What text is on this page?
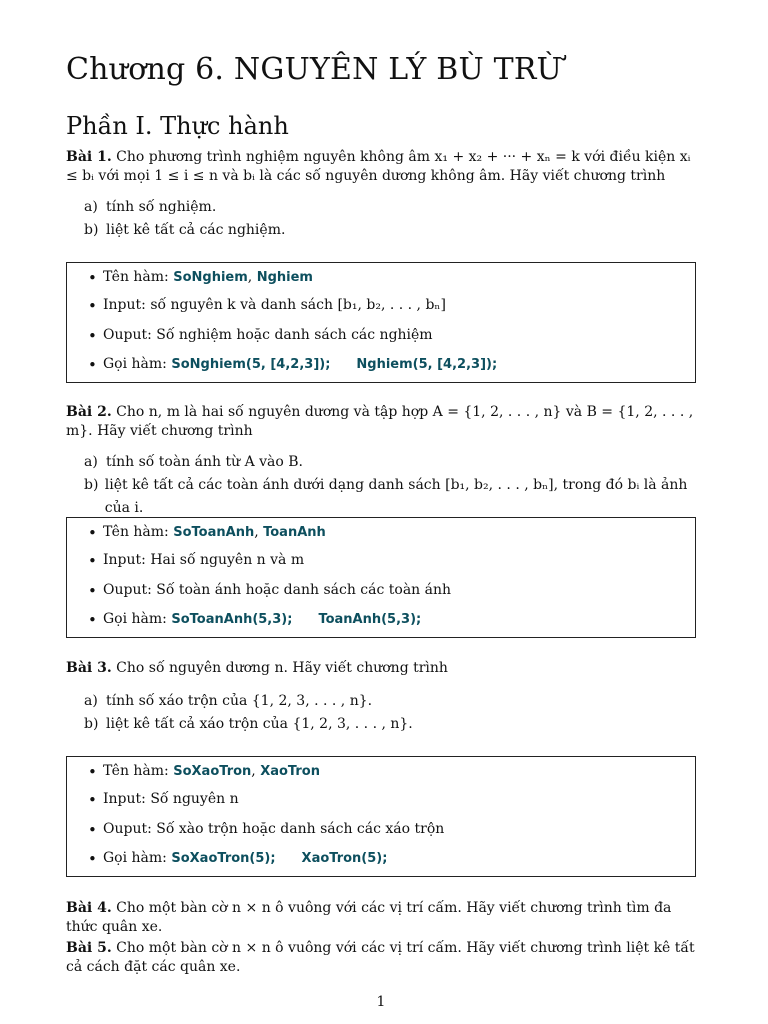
Chương 6. NGUYÊN LÝ BÙ TRỪ
Phần I. Thực hành
Bài 1. Cho phương trình nghiệm nguyên không âm x₁ + x₂ + ··· + xₙ = k với điều kiện xᵢ ≤ bᵢ với mọi 1 ≤ i ≤ n và bᵢ là các số nguyên dương không âm. Hãy viết chương trình
a) tính số nghiệm.
b) liệt kê tất cả các nghiệm.
• Tên hàm: SoNghiem, Nghiem
• Input: số nguyên k và danh sách [b₁, b₂, . . . , bₙ]
• Ouput: Số nghiệm hoặc danh sách các nghiệm
• Gọi hàm: SoNghiem(5, [4,2,3]); Nghiem(5, [4,2,3]);
Bài 2. Cho n, m là hai số nguyên dương và tập hợp A = {1, 2, . . . , n} và B = {1, 2, . . . , m}. Hãy viết chương trình
a) tính số toàn ánh từ A vào B.
b) liệt kê tất cả các toàn ánh dưới dạng danh sách [b₁, b₂, . . . , bₙ], trong đó bᵢ là ảnh của i.
• Tên hàm: SoToanAnh, ToanAnh
• Input: Hai số nguyên n và m
• Ouput: Số toàn ánh hoặc danh sách các toàn ánh
• Gọi hàm: SoToanAnh(5,3); ToanAnh(5,3);
Bài 3. Cho số nguyên dương n. Hãy viết chương trình
a) tính số xáo trộn của {1, 2, 3, . . . , n}.
b) liệt kê tất cả xáo trộn của {1, 2, 3, . . . , n}.
• Tên hàm: SoXaoTron, XaoTron
• Input: Số nguyên n
• Ouput: Số xào trộn hoặc danh sách các xáo trộn
• Gọi hàm: SoXaoTron(5); XaoTron(5);
Bài 4. Cho một bàn cờ n × n ô vuông với các vị trí cấm. Hãy viết chương trình tìm đa thức quân xe.
Bài 5. Cho một bàn cờ n × n ô vuông với các vị trí cấm. Hãy viết chương trình liệt kê tất cả cách đặt các quân xe.
1
